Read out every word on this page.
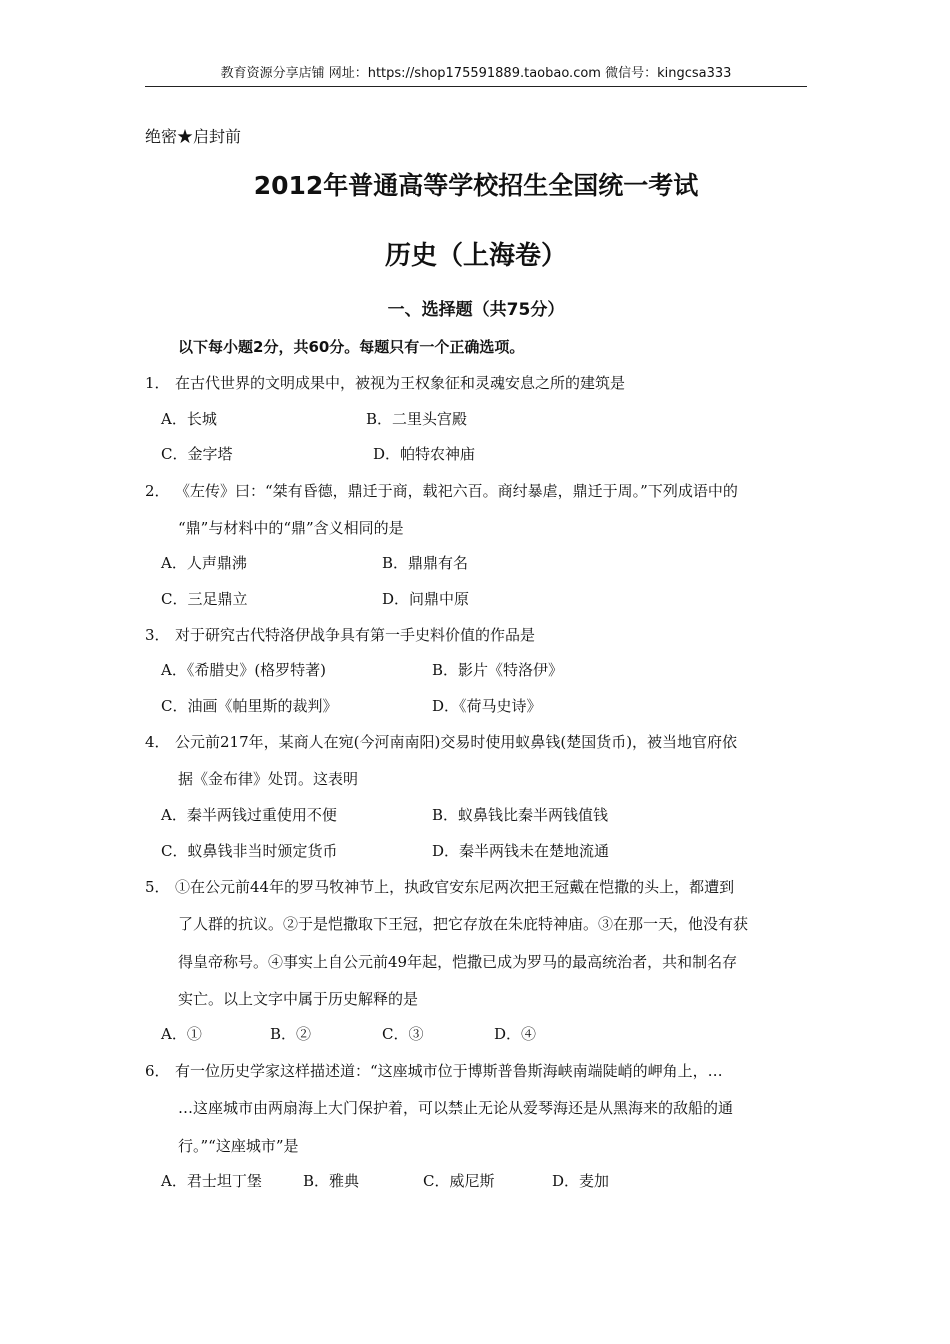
教育资源分享店铺 网址：https://shop175591889.taobao.com 微信号：kingcsa333
绝密★启封前
2012年普通高等学校招生全国统一考试
历史（上海卷）
一、选择题（共75分）
以下每小题2分，共60分。每题只有一个正确选项。
1． 在古代世界的文明成果中，被视为王权象征和灵魂安息之所的建筑是
A．长城	B．二里头宫殿
C．金字塔	D．帕特农神庙
2． 《左传》曰：“桀有昏德，鼎迁于商，载祀六百。商纣暴虐，鼎迁于周。”下列成语中的
“鼎”与材料中的“鼎”含义相同的是
A．人声鼎沸	B．鼎鼎有名
C．三足鼎立	D．问鼎中原
3． 对于研究古代特洛伊战争具有第一手史料价值的作品是
A．《希腊史》(格罗特著)	B．影片《特洛伊》
C．油画《帕里斯的裁判》	D．《荷马史诗》
4． 公元前217年，某商人在宛(今河南南阳)交易时使用蚁鼻钱(楚国货币)，被当地官府依
据《金布律》处罚。这表明
A．秦半两钱过重使用不便	B．蚁鼻钱比秦半两钱值钱
C．蚁鼻钱非当时颁定货币	D．秦半两钱未在楚地流通
5． ①在公元前44年的罗马牧神节上，执政官安东尼两次把王冠戴在恺撒的头上，都遭到
了人群的抗议。②于是恺撒取下王冠，把它存放在朱庇特神庙。③在那一天，他没有获
得皇帝称号。④事实上自公元前49年起，恺撒已成为罗马的最高统治者，共和制名存
实亡。以上文字中属于历史解释的是
A．①	B．②	C．③	D．④
6． 有一位历史学家这样描述道：“这座城市位于博斯普鲁斯海峡南端陡峭的岬角上，…
…这座城市由两扇海上大门保护着，可以禁止无论从爱琴海还是从黑海来的敌船的通
行。”“这座城市”是
A．君士坦丁堡	B．雅典	C．威尼斯	D．麦加
